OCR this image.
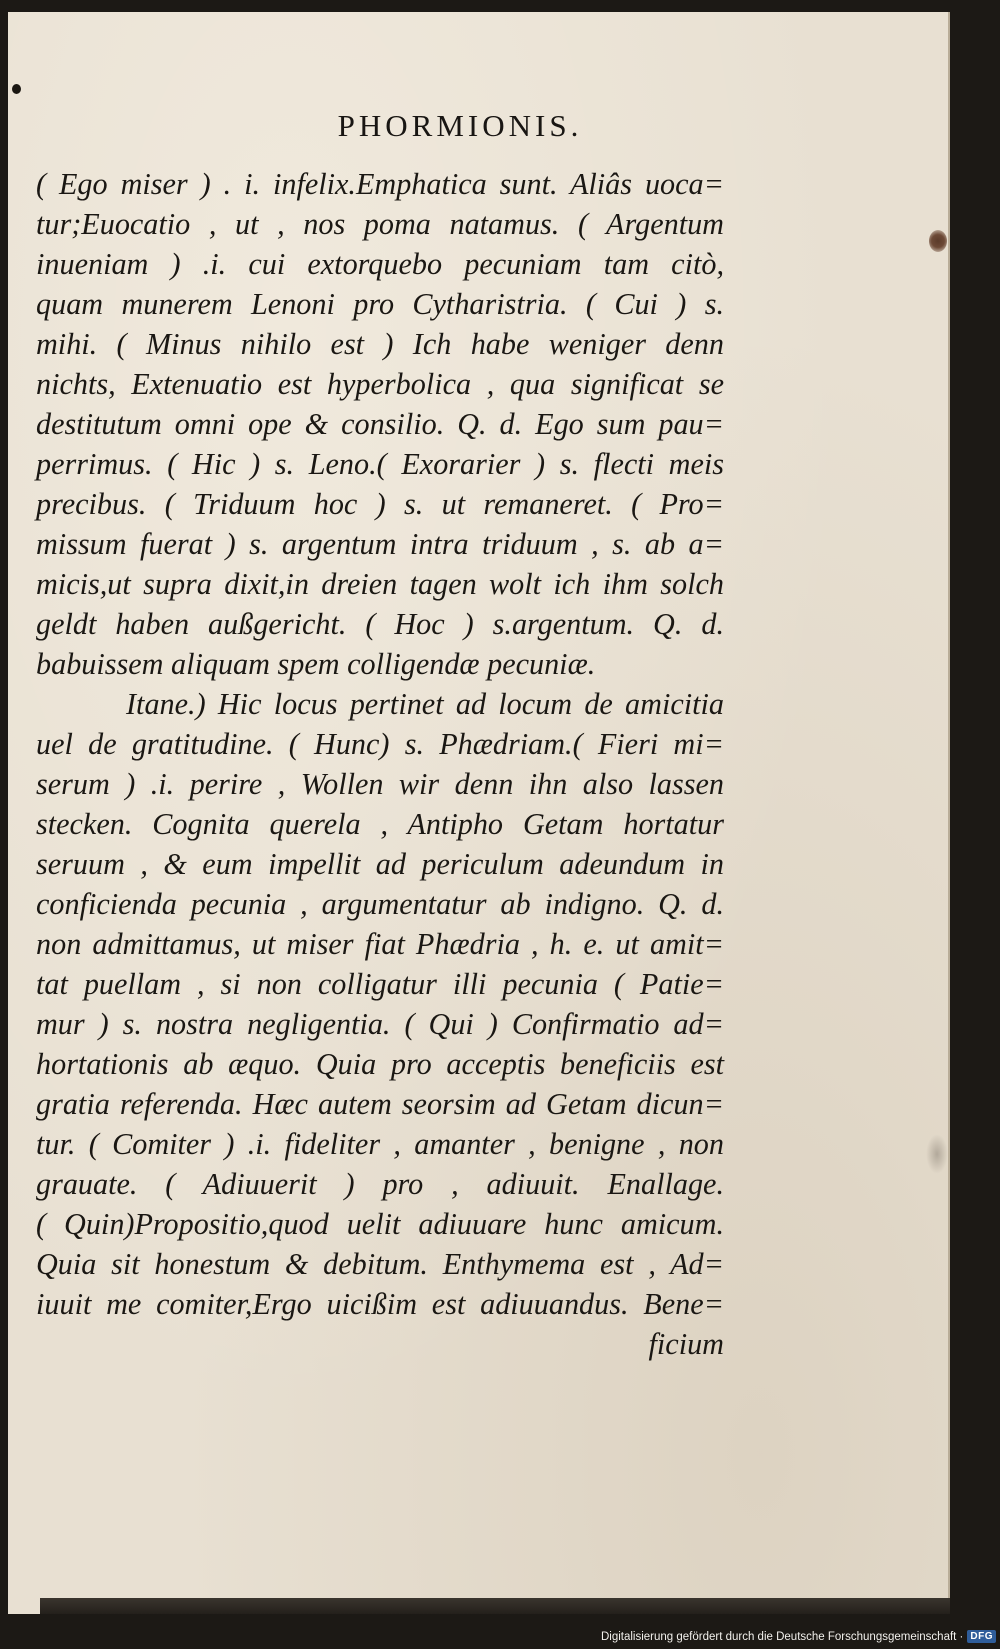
PHORMIONIS.
( Ego miser ) . i. infelix.Emphatica sunt. Aliâs uoca=
tur;Euocatio , ut , nos poma natamus. ( Argentum
inueniam ) .i. cui extorquebo pecuniam tam citò,
quam munerem Lenoni pro Cytharistria. ( Cui ) s.
mihi. ( Minus nihilo est ) Ich habe weniger denn
nichts, Extenuatio est hyperbolica , qua significat se
destitutum omni ope & consilio. Q. d. Ego sum pau=
perrimus. ( Hic ) s. Leno.( Exorarier ) s. flecti meis
precibus. ( Triduum hoc ) s. ut remaneret. ( Pro=
missum fuerat ) s. argentum intra triduum , s. ab a=
micis,ut supra dixit,in dreien tagen wolt ich ihm solch
geldt haben außgericht. ( Hoc ) s.argentum. Q. d.
babuissem aliquam spem colligendæ pecuniæ.
Itane.) Hic locus pertinet ad locum de amicitia
uel de gratitudine. ( Hunc) s. Phædriam.( Fieri mi=
serum ) .i. perire , Wollen wir denn ihn also lassen
stecken. Cognita querela , Antipho Getam hortatur
seruum , & eum impellit ad periculum adeundum in
conficienda pecunia , argumentatur ab indigno. Q. d.
non admittamus, ut miser fiat Phædria , h. e. ut amit=
tat puellam , si non colligatur illi pecunia ( Patie=
mur ) s. nostra negligentia. ( Qui ) Confirmatio ad=
hortationis ab æquo. Quia pro acceptis beneficiis est
gratia referenda. Hæc autem seorsim ad Getam dicun=
tur. ( Comiter ) .i. fideliter , amanter , benigne , non
grauate. ( Adiuuerit ) pro , adiuuit. Enallage.
( Quin)Propositio,quod uelit adiuuare hunc amicum.
Quia sit honestum & debitum. Enthymema est , Ad=
iuuit me comiter,Ergo uicißim est adiuuandus. Bene=
ficium
Digitalisierung gefördert durch die Deutsche Forschungsgemeinschaft · DFG
